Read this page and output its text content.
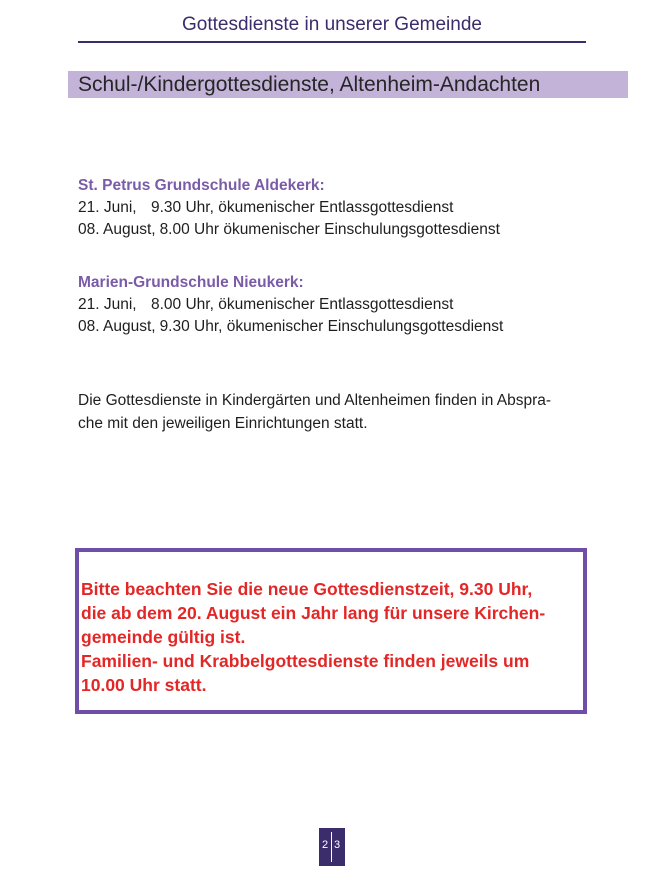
Gottesdienste in unserer Gemeinde
Schul-/Kindergottesdienste, Altenheim-Andachten
St. Petrus Grundschule Aldekerk:
21. Juni, 9.30 Uhr, ökumenischer Entlassgottesdienst
08. August, 8.00 Uhr ökumenischer Einschulungsgottesdienst
Marien-Grundschule Nieukerk:
21. Juni, 8.00 Uhr, ökumenischer Entlassgottesdienst
08. August, 9.30 Uhr, ökumenischer Einschulungsgottesdienst
Die Gottesdienste in Kindergärten und Altenheimen finden in Abspra-
che mit den jeweiligen Einrichtungen statt.
Bitte beachten Sie die neue Gottesdienstzeit, 9.30 Uhr,
die ab dem 20. August ein Jahr lang für unsere Kirchen-
gemeinde gültig ist.
Familien- und Krabbelgottesdienste finden jeweils um
10.00 Uhr statt.
2 3
